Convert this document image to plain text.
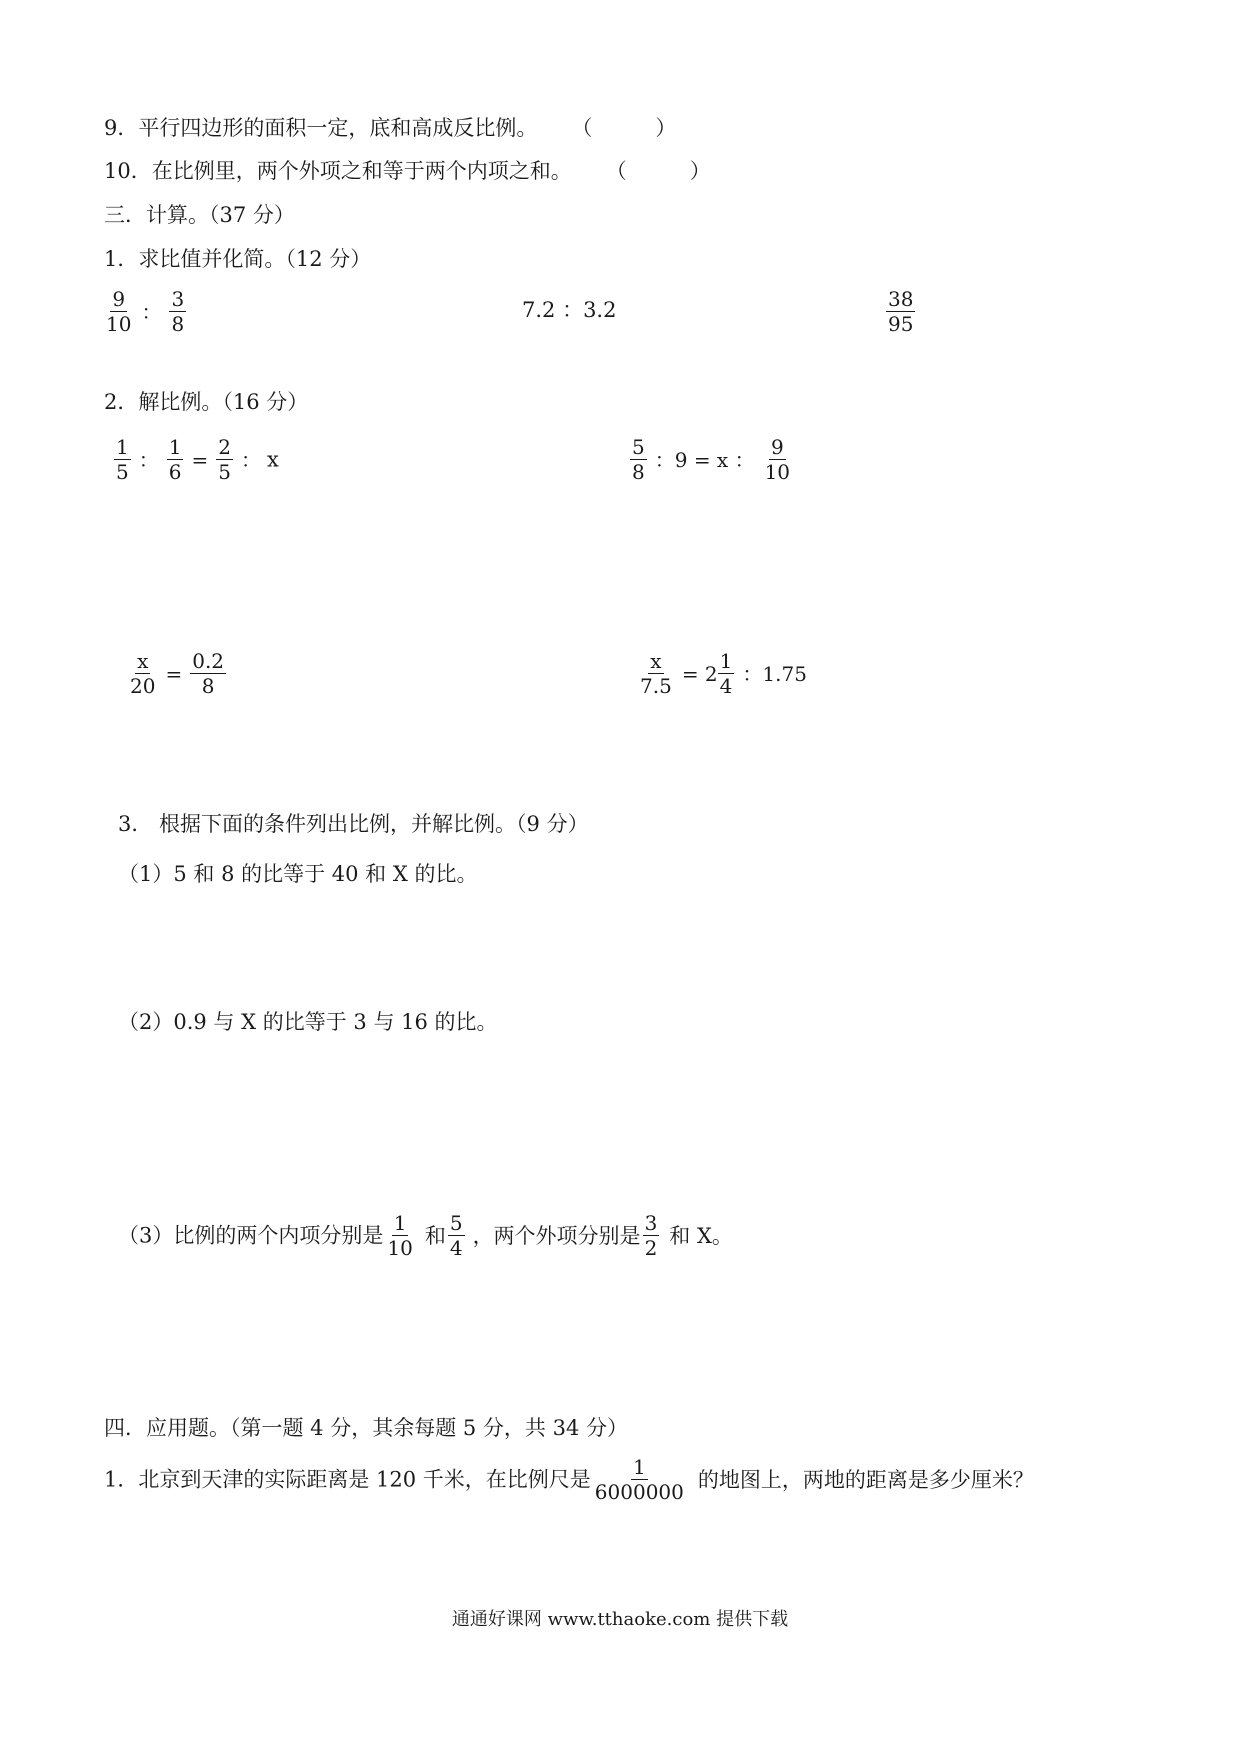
9．平行四边形的面积一定，底和高成反比例。 （　　　）
10．在比例里，两个外项之和等于两个内项之和。 （　　　）
三．计算。（37 分）
1．求比值并化简。（12 分）
$\frac{9}{10}$ ： $\frac{3}{8}$	7.2 ：3.2	$\frac{38}{95}$
2．解比例。（16 分）
$\frac{1}{5}$ ： $\frac{1}{6} = \frac{2}{5}$ ： x	$\frac{5}{8}$ ：9 = x ： $\frac{9}{10}$
$\frac{x}{20} = \frac{0.2}{8}$	$\frac{x}{7.5} = 2 \frac{1}{4}$ ：1.75
3． 根据下面的条件列出比例，并解比例。（9 分）
（1）5 和 8 的比等于 40 和 X 的比。
（2）0.9 与 X 的比等于 3 与 16 的比。
（3）比例的两个内项分别是 $\frac{1}{10}$ 和 $\frac{5}{4}$ ，两个外项分别是 $\frac{3}{2}$ 和 X。
四．应用题。（第一题 4 分，其余每题 5 分，共 34 分）
1．北京到天津的实际距离是 120 千米，在比例尺是 $\frac{1}{6000000}$ 的地图上，两地的距离是多少厘米？
通通好课网 www.tthaoke.com 提供下载
